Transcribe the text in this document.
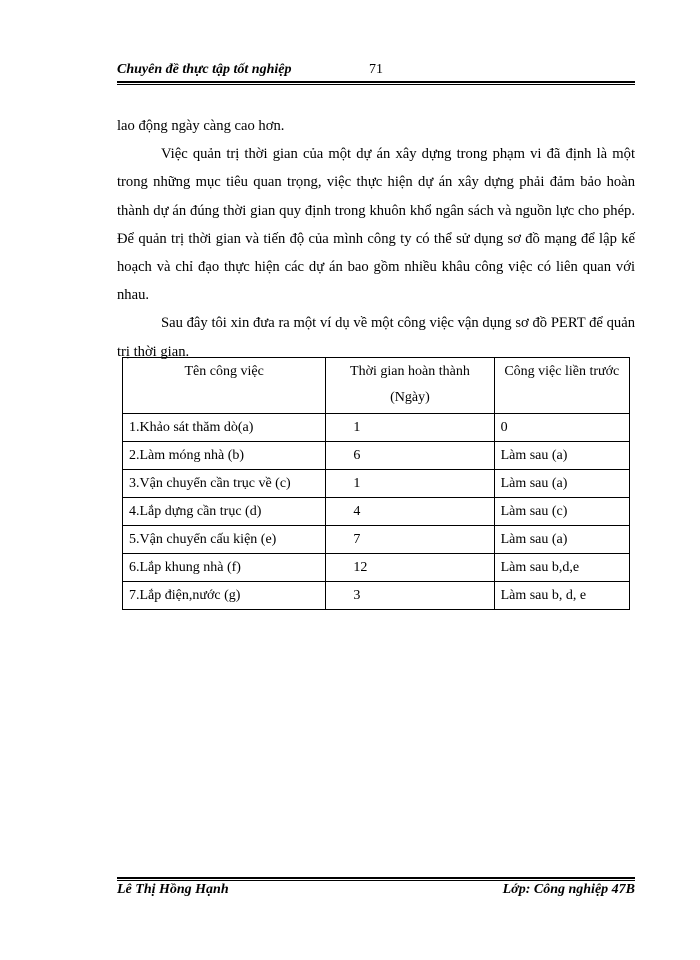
Chuyên đề thực tập tốt nghiệp	71

lao động ngày càng cao hơn.

Việc quản trị thời gian của một dự án xây dựng trong phạm vi đã định là một trong những mục tiêu quan trọng, việc thực hiện dự án xây dựng phải đảm bảo hoàn thành dự án đúng thời gian quy định trong khuôn khổ ngân sách và nguồn lực cho phép. Để quản trị thời gian và tiến độ của mình công ty có thể sử dụng sơ đồ mạng để lập kế hoạch và chỉ đạo thực hiện các dự án bao gồm nhiều khâu công việc có liên quan với nhau.

Sau đây tôi xin đưa ra một ví dụ về một công việc vận dụng sơ đồ PERT để quản trị thời gian.

Tên công việc	Thời gian hoàn thành (Ngày)	Công việc liền trước
1.Khảo sát thăm dò(a)	1	0
2.Làm móng nhà (b)	6	Làm sau (a)
3.Vận chuyển cần trục về (c)	1	Làm sau (a)
4.Lắp dựng cần trục (d)	4	Làm sau (c)
5.Vận chuyển cấu kiện (e)	7	Làm sau (a)
6.Lắp khung nhà (f)	12	Làm sau b,d,e
7.Lắp điện,nước (g)	3	Làm sau b, d, e
Lê Thị Hồng Hạnh	Lớp: Công nghiệp 47B
